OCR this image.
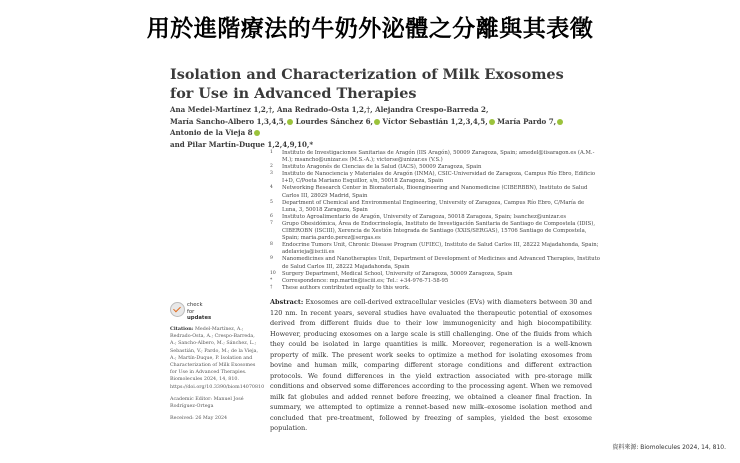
用於進階療法的牛奶外泌體之分離與其表徵
Isolation and Characterization of Milk Exosomes for Use in Advanced Therapies
Ana Medel-Martínez 1,2,†, Ana Redrado-Osta 1,2,†, Alejandra Crespo-Barreda 2, María Sancho-Albero 1,3,4,5, Lourdes Sánchez 6, Víctor Sebastián 1,2,3,4,5, María Pardo 7, Antonio de la Vieja 8
and Pilar Martín-Duque 1,2,4,9,10,*
1 Instituto de Investigaciones Sanitarias de Aragón (IIS Aragón), 50009 Zaragoza, Spain; amedel@iisaragon.es (A.M.-M.); msancho@unizar.es (M.S.-A.); victorse@unizar.es (V.S.)
2 Instituto Aragonés de Ciencias de la Salud (IACS), 50009 Zaragoza, Spain
3 Instituto de Nanociencia y Materiales de Aragón (INMA), CSIC-Universidad de Zaragoza, Campus Río Ebro, Edificio I+D, C/Poeta Mariano Esquillor, s/n, 50018 Zaragoza, Spain
4 Networking Research Center in Biomaterials, Bioengineering and Nanomedicine (CIBERBBN), Instituto de Salud Carlos III, 28029 Madrid, Spain
5 Department of Chemical and Environmental Engineering, University of Zaragoza, Campus Río Ebro, C/María de Luna, 3, 50018 Zaragoza, Spain
6 Instituto Agroalimentario de Aragón, University of Zaragoza, 50018 Zaragoza, Spain; lsanchez@unizar.es
7 Grupo Obesidómica, Área de Endocrinología, Instituto de Investigación Sanitaria de Santiago de Compostela (IDIS), CIBEROBN (ISCIII), Xerencia de Xestión Integrada de Santiago (XXIS/SERGAS), 15706 Santiago de Compostela, Spain; maria.pardo.perez@sergas.es
8 Endocrine Tumors Unit, Chronic Disease Program (UFIEC), Instituto de Salud Carlos III, 28222 Majadahonda, Spain; adelavieja@isciii.es
9 Nanomedicines and Nanotherapies Unit, Department of Development of Medicines and Advanced Therapies, Instituto de Salud Carlos III, 28222 Majadahonda, Spain
10 Surgery Department, Medical School, University of Zaragoza, 50009 Zaragoza, Spain
* Correspondence: mp.martin@isciii.es; Tel.: +34-976-71-58-95
† These authors contributed equally to this work.
check for
updates
Citation: Medel-Martínez, A.; Redrado-Osta, A.; Crespo-Barreda, A.; Sancho-Albero, M.; Sánchez, L.; Sebastián, V.; Pardo, M.; de la Vieja, A.; Martín-Duque, P. Isolation and Characterization of Milk Exosomes for Use in Advanced Therapies. Biomolecules 2024, 14, 810. https://doi.org/10.3390/biom14070810
Academic Editor: Manuel José Rodríguez-Ortega
Received: 26 May 2024
Abstract: Exosomes are cell-derived extracellular vesicles (EVs) with diameters between 30 and 120 nm. In recent years, several studies have evaluated the therapeutic potential of exosomes derived from different fluids due to their low immunogenicity and high biocompatibility. However, producing exosomes on a large scale is still challenging. One of the fluids from which they could be isolated in large quantities is milk. Moreover, regeneration is a well-known property of milk. The present work seeks to optimize a method for isolating exosomes from bovine and human milk, comparing different storage conditions and different extraction protocols. We found differences in the yield extraction associated with pre-storage milk conditions and observed some differences according to the processing agent. When we removed milk fat globules and added rennet before freezing, we obtained a cleaner final fraction. In summary, we attempted to optimize a rennet-based new milk–exosome isolation method and concluded that pre-treatment, followed by freezing of samples, yielded the best exosome population.
資料來源: Biomolecules 2024, 14, 810.
